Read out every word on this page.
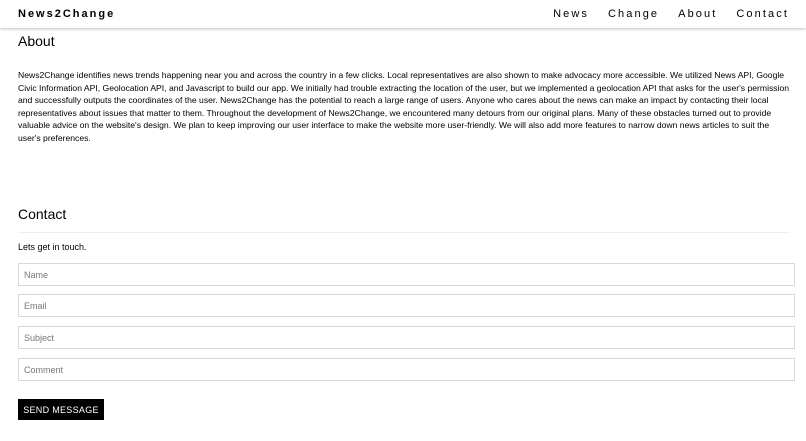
News2Change	News Change About Contact
About

News2Change identifies news trends happening near you and across the country in a few clicks. Local representatives are also shown to make advocacy more accessible. We utilized News API, Google Civic Information API, Geolocation API, and Javascript to build our app. We initially had trouble extracting the location of the user, but we implemented a geolocation API that asks for the user's permission and successfully outputs the coordinates of the user. News2Change has the potential to reach a large range of users. Anyone who cares about the news can make an impact by contacting their local representatives about issues that matter to them. Throughout the development of News2Change, we encountered many detours from our original plans. Many of these obstacles turned out to provide valuable advice on the website's design. We plan to keep improving our user interface to make the website more user-friendly. We will also add more features to narrow down news articles to suit the user's preferences.

Contact

Lets get in touch.

Name
Email
Subject
Comment
SEND MESSAGE
